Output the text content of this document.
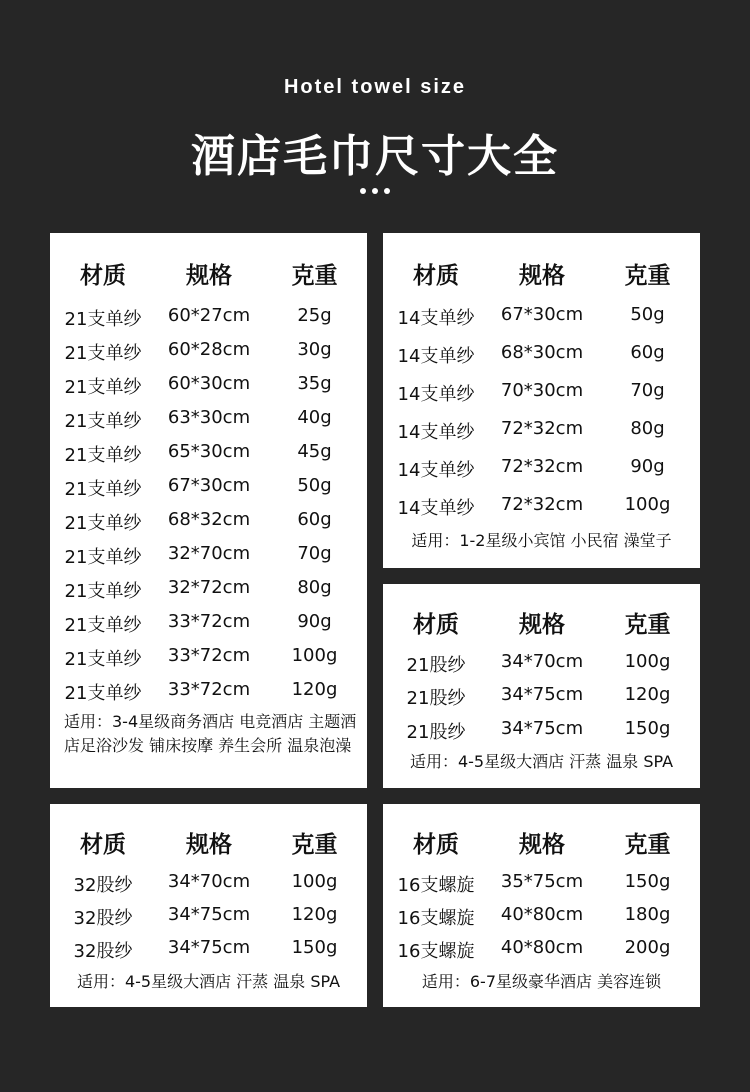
Hotel towel size
酒店毛巾尺寸大全
材质	规格	克重
21支单纱	60*27cm	25g
21支单纱	60*28cm	30g
21支单纱	60*30cm	35g
21支单纱	63*30cm	40g
21支单纱	65*30cm	45g
21支单纱	67*30cm	50g
21支单纱	68*32cm	60g
21支单纱	32*70cm	70g
21支单纱	32*72cm	80g
21支单纱	33*72cm	90g
21支单纱	33*72cm	100g
21支单纱	33*72cm	120g
适用：3-4星级商务酒店 电竞酒店 主题酒店足浴沙发 铺床按摩 养生会所 温泉泡澡
材质	规格	克重
14支单纱	67*30cm	50g
14支单纱	68*30cm	60g
14支单纱	70*30cm	70g
14支单纱	72*32cm	80g
14支单纱	72*32cm	90g
14支单纱	72*32cm	100g
适用：1-2星级小宾馆 小民宿 澡堂子
材质	规格	克重
21股纱	34*70cm	100g
21股纱	34*75cm	120g
21股纱	34*75cm	150g
适用：4-5星级大酒店 汗蒸 温泉 SPA
材质	规格	克重
32股纱	34*70cm	100g
32股纱	34*75cm	120g
32股纱	34*75cm	150g
适用：4-5星级大酒店 汗蒸 温泉 SPA
材质	规格	克重
16支螺旋	35*75cm	150g
16支螺旋	40*80cm	180g
16支螺旋	40*80cm	200g
适用：6-7星级豪华酒店 美容连锁
